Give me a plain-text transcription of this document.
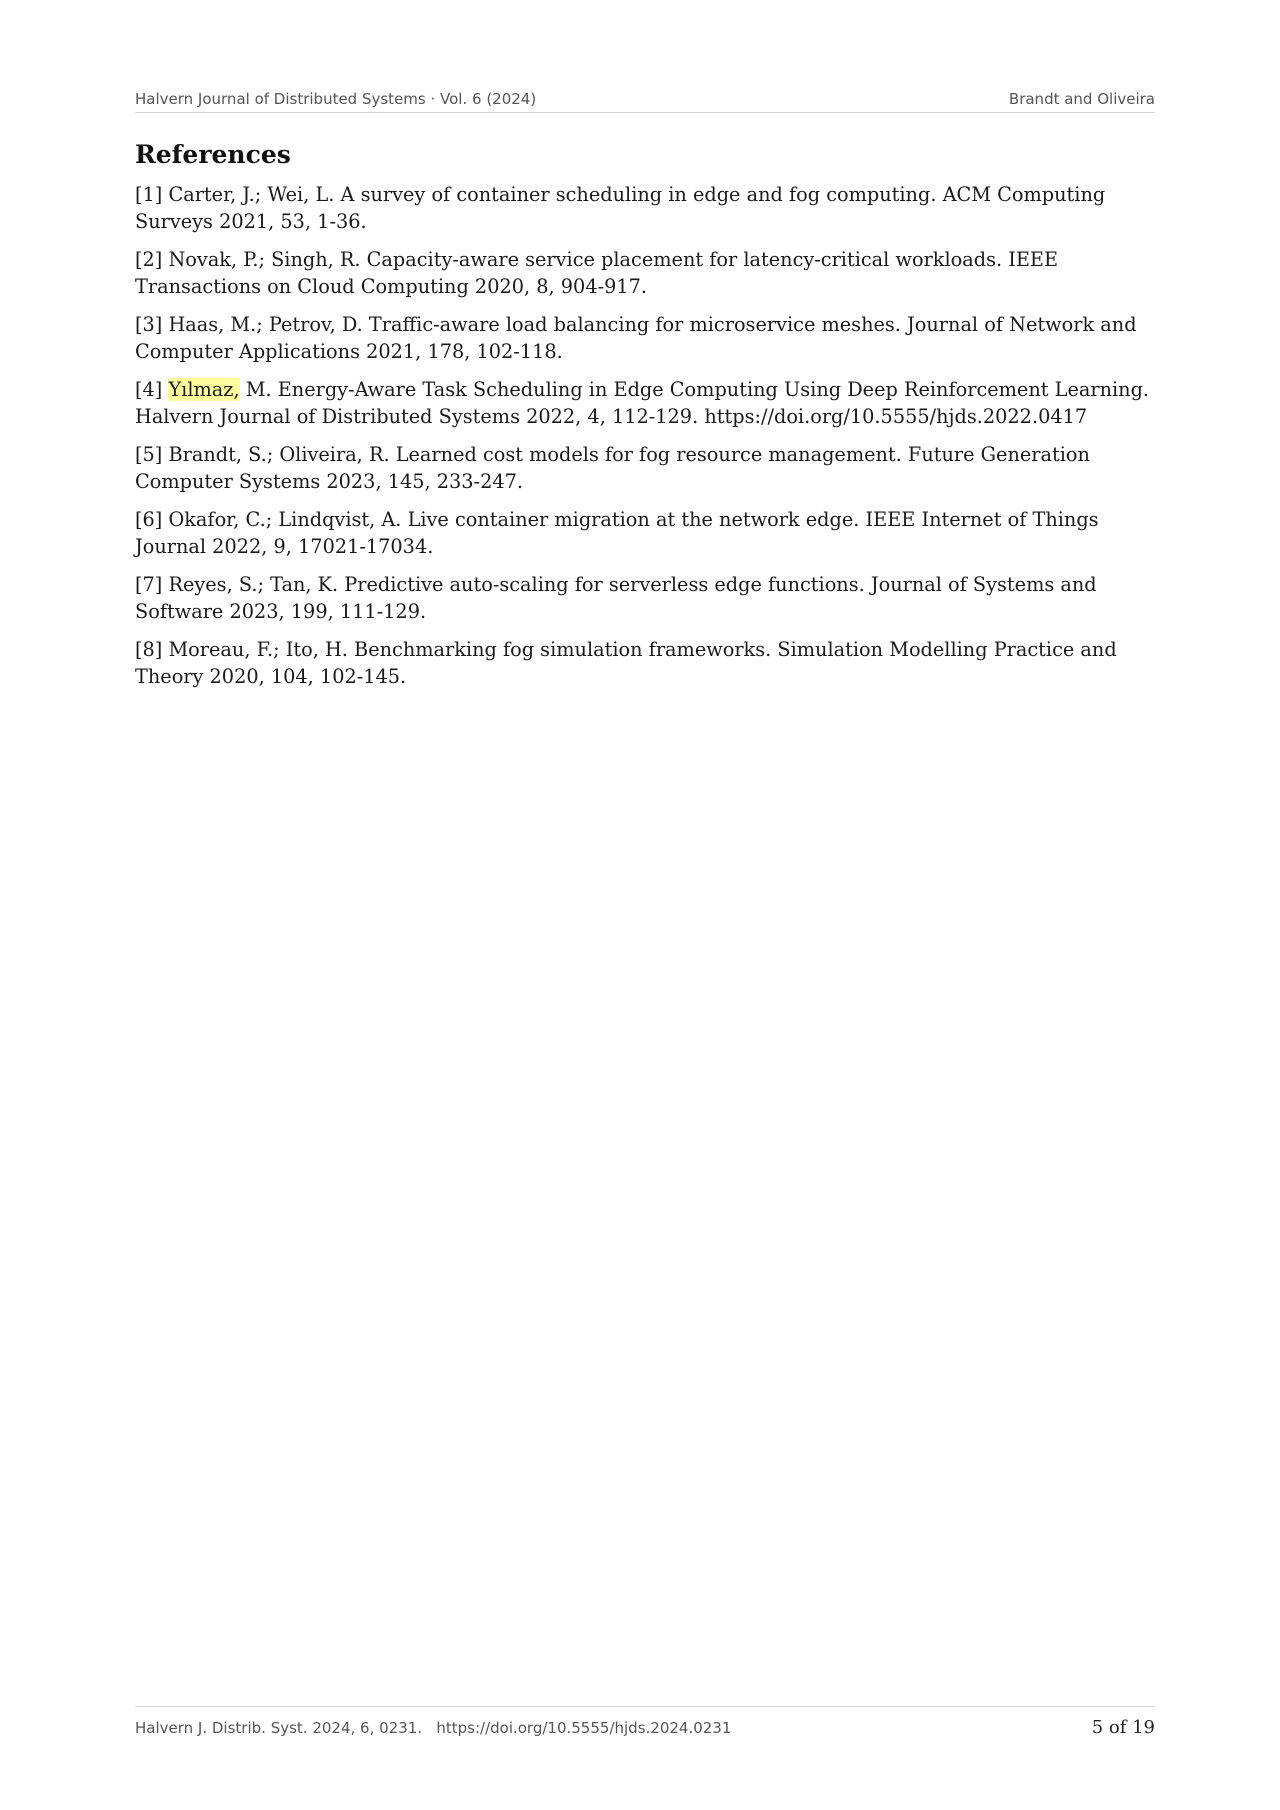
Halvern Journal of Distributed Systems · Vol. 6 (2024)	Brandt and Oliveira
References
[1] Carter, J.; Wei, L. A survey of container scheduling in edge and fog computing. ACM Computing Surveys 2021, 53, 1-36.
[2] Novak, P.; Singh, R. Capacity-aware service placement for latency-critical workloads. IEEE Transactions on Cloud Computing 2020, 8, 904-917.
[3] Haas, M.; Petrov, D. Traffic-aware load balancing for microservice meshes. Journal of Network and Computer Applications 2021, 178, 102-118.
[4] Yılmaz, M. Energy-Aware Task Scheduling in Edge Computing Using Deep Reinforcement Learning. Halvern Journal of Distributed Systems 2022, 4, 112-129. https://doi.org/10.5555/hjds.2022.0417
[5] Brandt, S.; Oliveira, R. Learned cost models for fog resource management. Future Generation Computer Systems 2023, 145, 233-247.
[6] Okafor, C.; Lindqvist, A. Live container migration at the network edge. IEEE Internet of Things Journal 2022, 9, 17021-17034.
[7] Reyes, S.; Tan, K. Predictive auto-scaling for serverless edge functions. Journal of Systems and Software 2023, 199, 111-129.
[8] Moreau, F.; Ito, H. Benchmarking fog simulation frameworks. Simulation Modelling Practice and Theory 2020, 104, 102-145.
Halvern J. Distrib. Syst. 2024, 6, 0231.   https://doi.org/10.5555/hjds.2024.0231	5 of 19
